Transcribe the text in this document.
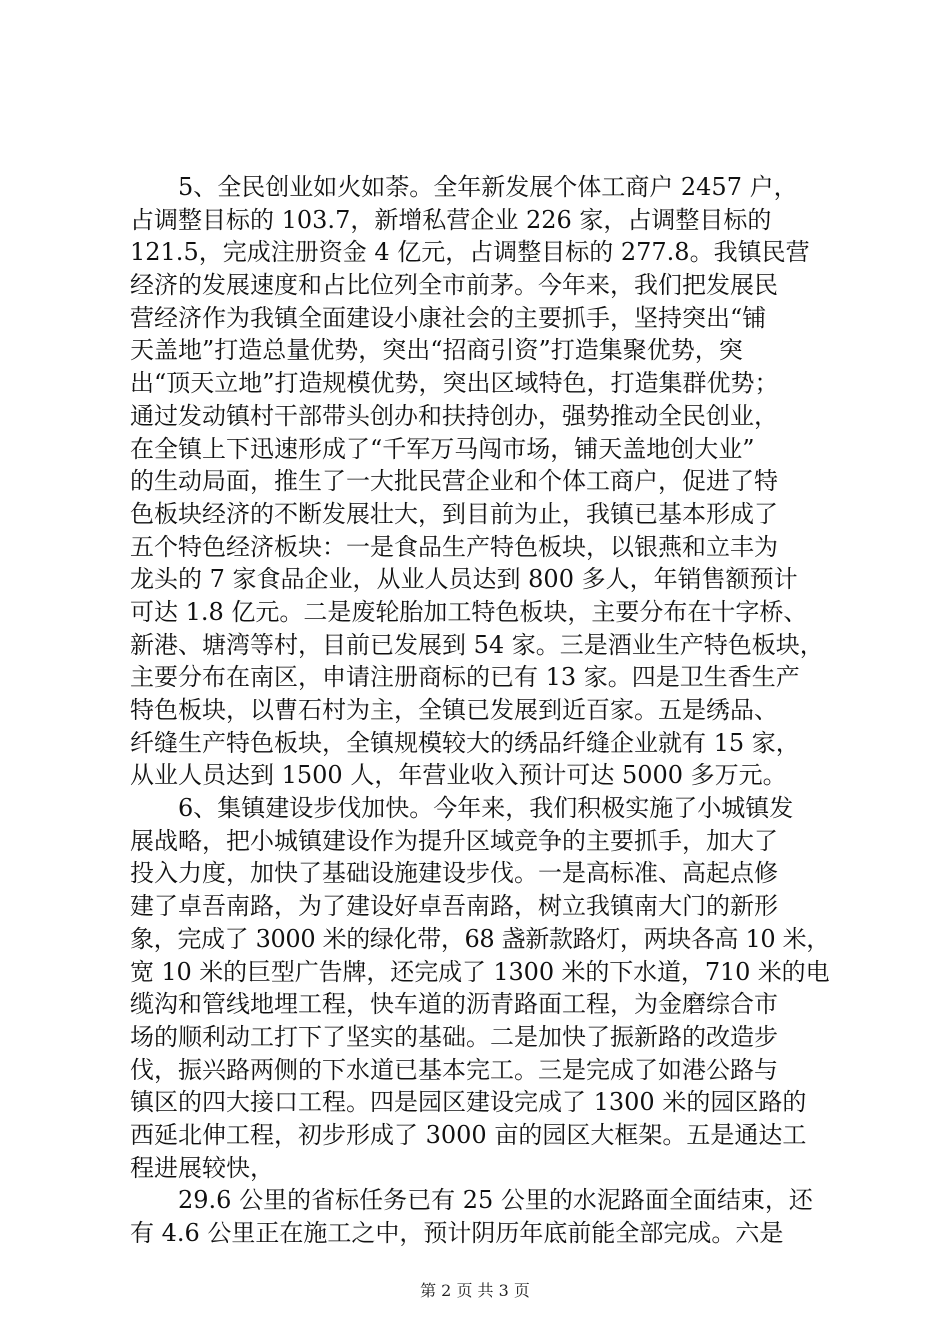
5、全民创业如火如荼。全年新发展个体工商户 2457 户，
占调整目标的 103.7，新增私营企业 226 家，占调整目标的
121.5，完成注册资金 4 亿元，占调整目标的 277.8。我镇民营
经济的发展速度和占比位列全市前茅。今年来，我们把发展民
营经济作为我镇全面建设小康社会的主要抓手，坚持突出“铺
天盖地”打造总量优势，突出“招商引资”打造集聚优势，突
出“顶天立地”打造规模优势，突出区域特色，打造集群优势；
通过发动镇村干部带头创办和扶持创办，强势推动全民创业，
在全镇上下迅速形成了“千军万马闯市场，铺天盖地创大业”
的生动局面，推生了一大批民营企业和个体工商户，促进了特
色板块经济的不断发展壮大，到目前为止，我镇已基本形成了
五个特色经济板块：一是食品生产特色板块，以银燕和立丰为
龙头的 7 家食品企业，从业人员达到 800 多人，年销售额预计
可达 1.8 亿元。二是废轮胎加工特色板块，主要分布在十字桥、
新港、塘湾等村，目前已发展到 54 家。三是酒业生产特色板块，
主要分布在南区，申请注册商标的已有 13 家。四是卫生香生产
特色板块，以曹石村为主，全镇已发展到近百家。五是绣品、
纤缝生产特色板块，全镇规模较大的绣品纤缝企业就有 15 家，
从业人员达到 1500 人，年营业收入预计可达 5000 多万元。
6、集镇建设步伐加快。今年来，我们积极实施了小城镇发
展战略，把小城镇建设作为提升区域竞争的主要抓手，加大了
投入力度，加快了基础设施建设步伐。一是高标准、高起点修
建了卓吾南路，为了建设好卓吾南路，树立我镇南大门的新形
象，完成了 3000 米的绿化带，68 盏新款路灯，两块各高 10 米，
宽 10 米的巨型广告牌，还完成了 1300 米的下水道，710 米的电
缆沟和管线地埋工程，快车道的沥青路面工程，为金磨综合市
场的顺利动工打下了坚实的基础。二是加快了振新路的改造步
伐，振兴路两侧的下水道已基本完工。三是完成了如港公路与
镇区的四大接口工程。四是园区建设完成了 1300 米的园区路的
西延北伸工程，初步形成了 3000 亩的园区大框架。五是通达工
程进展较快，
29.6 公里的省标任务已有 25 公里的水泥路面全面结束，还
有 4.6 公里正在施工之中，预计阴历年底前能全部完成。六是
第 2 页 共 3 页
